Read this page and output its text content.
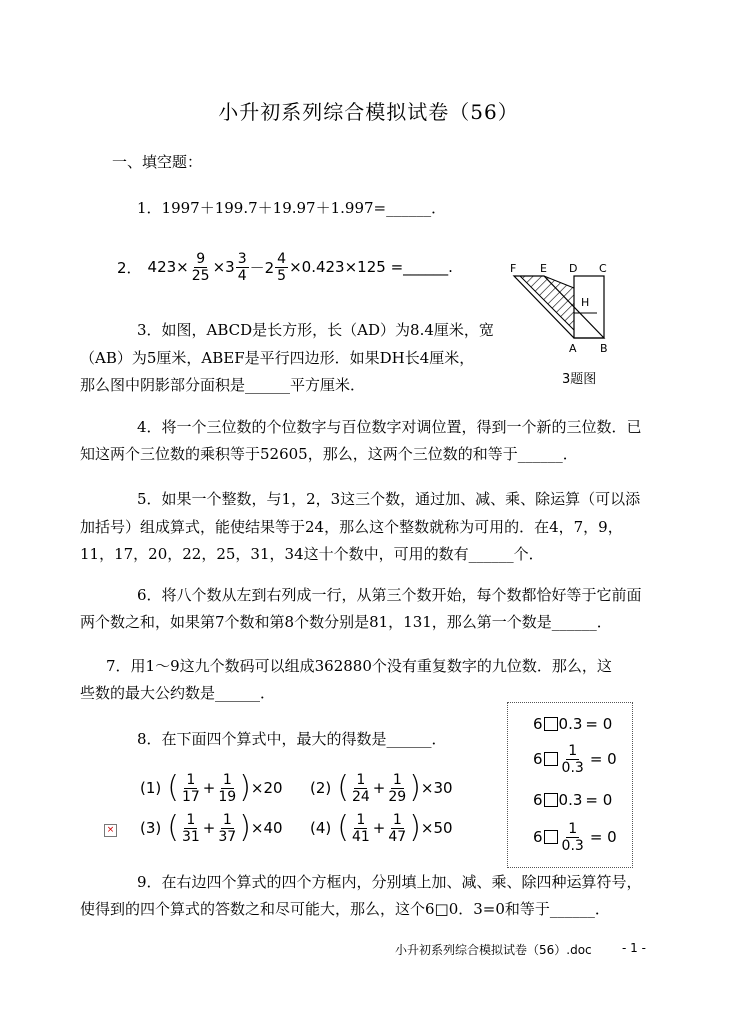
小升初系列综合模拟试卷（56）
一、填空题：
1．1997＋199.7＋19.97＋1.997=______．
2． $423\times \frac{9}{25} \times 3 \frac{3}{4} -2 \frac{4}{5} \times 0.423\times 125$ =______.
3．如图，ABCD是长方形，长（AD）为8.4厘米，宽
（AB）为5厘米，ABEF是平行四边形．如果DH长4厘米，
那么图中阴影部分面积是______平方厘米．
F E D C
H
A B
3题图
4．将一个三位数的个位数字与百位数字对调位置，得到一个新的三位数．已
知这两个三位数的乘积等于52605，那么，这两个三位数的和等于______．
5．如果一个整数，与1，2，3这三个数，通过加、减、乘、除运算（可以添
加括号）组成算式，能使结果等于24，那么这个整数就称为可用的．在4，7，9，
11，17，20，22，25，31，34这十个数中，可用的数有______个．
6．将八个数从左到右列成一行，从第三个数开始，每个数都恰好等于它前面
两个数之和，如果第7个数和第8个数分别是81，131，那么第一个数是______．
7．用1～9这九个数码可以组成362880个没有重复数字的九位数．那么，这
些数的最大公约数是______．
8．在下面四个算式中，最大的得数是______．
(1) ( $\frac{1}{17} + \frac{1}{19}$ ) ×20 (2) ( $\frac{1}{24} + \frac{1}{29}$ ) ×30
× (3) ( $\frac{1}{31} + \frac{1}{37}$ ) ×40 (4) ( $\frac{1}{41} + \frac{1}{47}$ ) ×50
6 0.3 = 0
$6 \frac{1}{0.3} = 0$
6 0.3 = 0
$6 \frac{1}{0.3} = 0$
9．在右边四个算式的四个方框内，分别填上加、减、乘、除四种运算符号，
使得到的四个算式的答数之和尽可能大，那么，这个6□0．3=0和等于______．
小升初系列综合模拟试卷（56）.doc	- 1 -
